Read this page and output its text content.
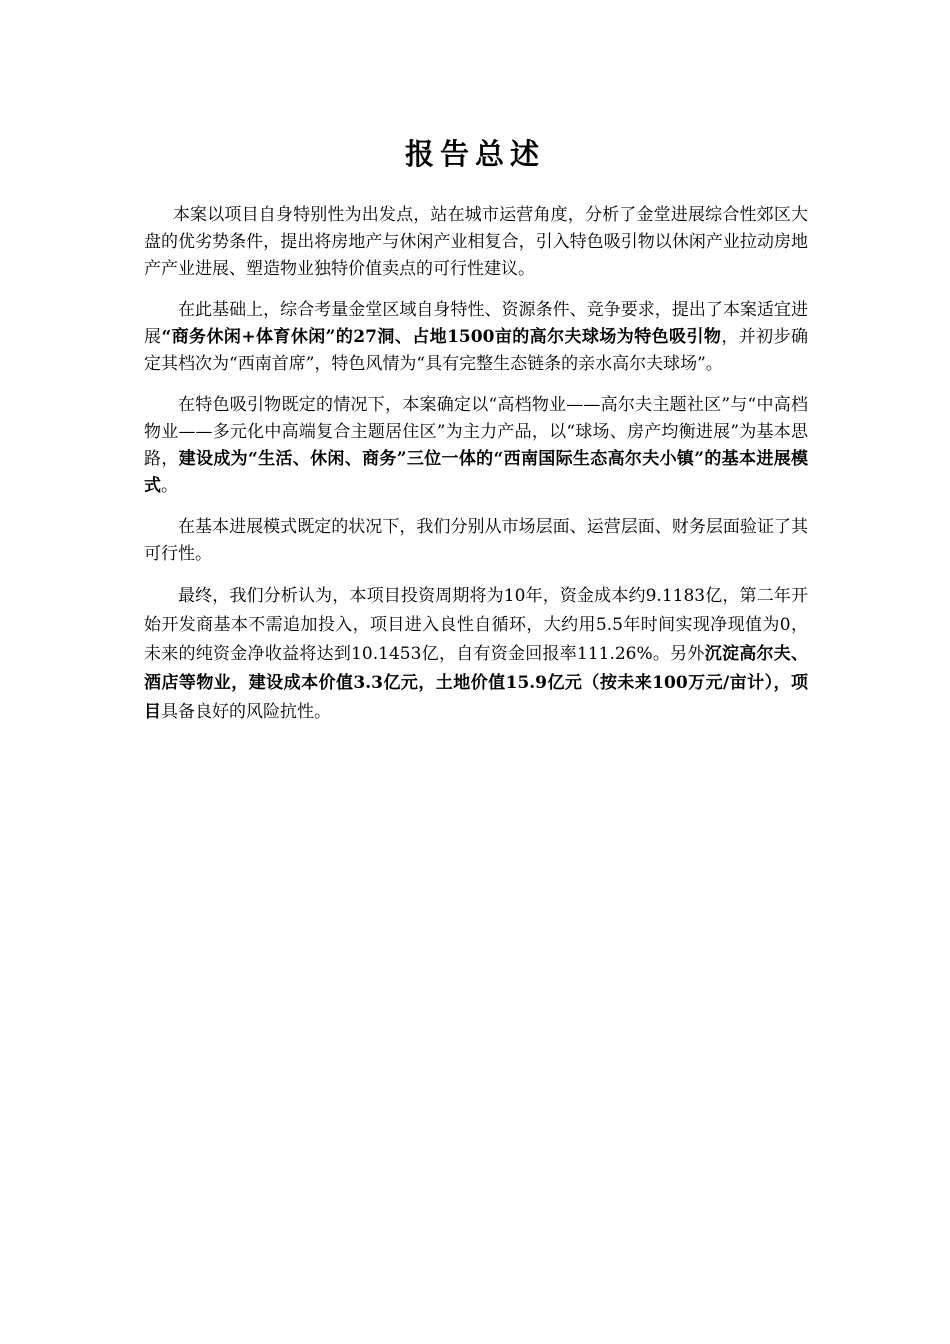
报告总述

本案以项目自身特别性为出发点，站在城市运营角度，分析了金堂进展综合性郊区大盘的优劣势条件，提出将房地产与休闲产业相复合，引入特色吸引物以休闲产业拉动房地产产业进展、塑造物业独特价值卖点的可行性建议。

在此基础上，综合考量金堂区域自身特性、资源条件、竞争要求，提出了本案适宜进展“商务休闲+体育休闲”的27洞、占地1500亩的高尔夫球场为特色吸引物，并初步确定其档次为“西南首席”，特色风情为“具有完整生态链条的亲水高尔夫球场”。

在特色吸引物既定的情况下，本案确定以“高档物业——高尔夫主题社区”与“中高档物业——多元化中高端复合主题居住区”为主力产品，以“球场、房产均衡进展”为基本思路，建设成为“生活、休闲、商务”三位一体的“西南国际生态高尔夫小镇”的基本进展模式。

在基本进展模式既定的状况下，我们分别从市场层面、运营层面、财务层面验证了其可行性。

最终，我们分析认为，本项目投资周期将为10年，资金成本约9.1183亿，第二年开始开发商基本不需追加投入，项目进入良性自循环，大约用5.5年时间实现净现值为0，未来的纯资金净收益将达到10.1453亿，自有资金回报率111.26%。另外沉淀高尔夫、酒店等物业，建设成本价值3.3亿元，土地价值15.9亿元（按未来100万元/亩计），项目具备良好的风险抗性。
